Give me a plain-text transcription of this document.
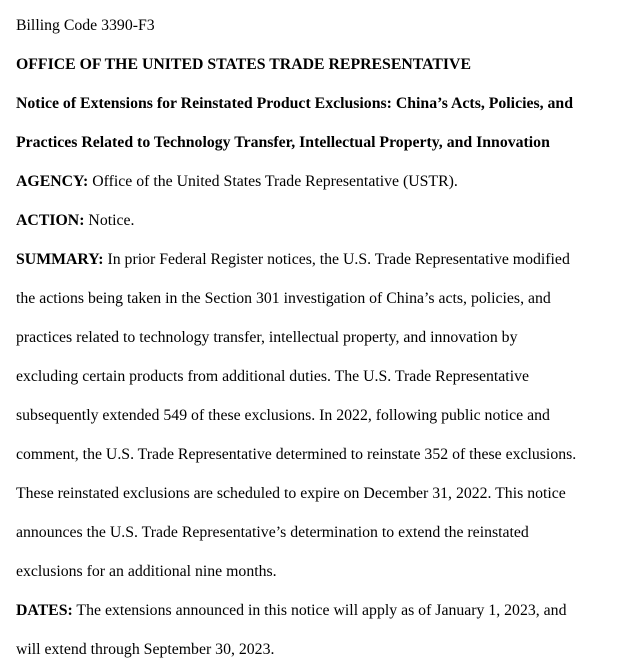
Billing Code 3390-F3
OFFICE OF THE UNITED STATES TRADE REPRESENTATIVE
Notice of Extensions for Reinstated Product Exclusions: China’s Acts, Policies, and
Practices Related to Technology Transfer, Intellectual Property, and Innovation
AGENCY: Office of the United States Trade Representative (USTR).
ACTION: Notice.
SUMMARY: In prior Federal Register notices, the U.S. Trade Representative modified
the actions being taken in the Section 301 investigation of China’s acts, policies, and
practices related to technology transfer, intellectual property, and innovation by
excluding certain products from additional duties. The U.S. Trade Representative
subsequently extended 549 of these exclusions. In 2022, following public notice and
comment, the U.S. Trade Representative determined to reinstate 352 of these exclusions.
These reinstated exclusions are scheduled to expire on December 31, 2022. This notice
announces the U.S. Trade Representative’s determination to extend the reinstated
exclusions for an additional nine months.
DATES: The extensions announced in this notice will apply as of January 1, 2023, and
will extend through September 30, 2023.
